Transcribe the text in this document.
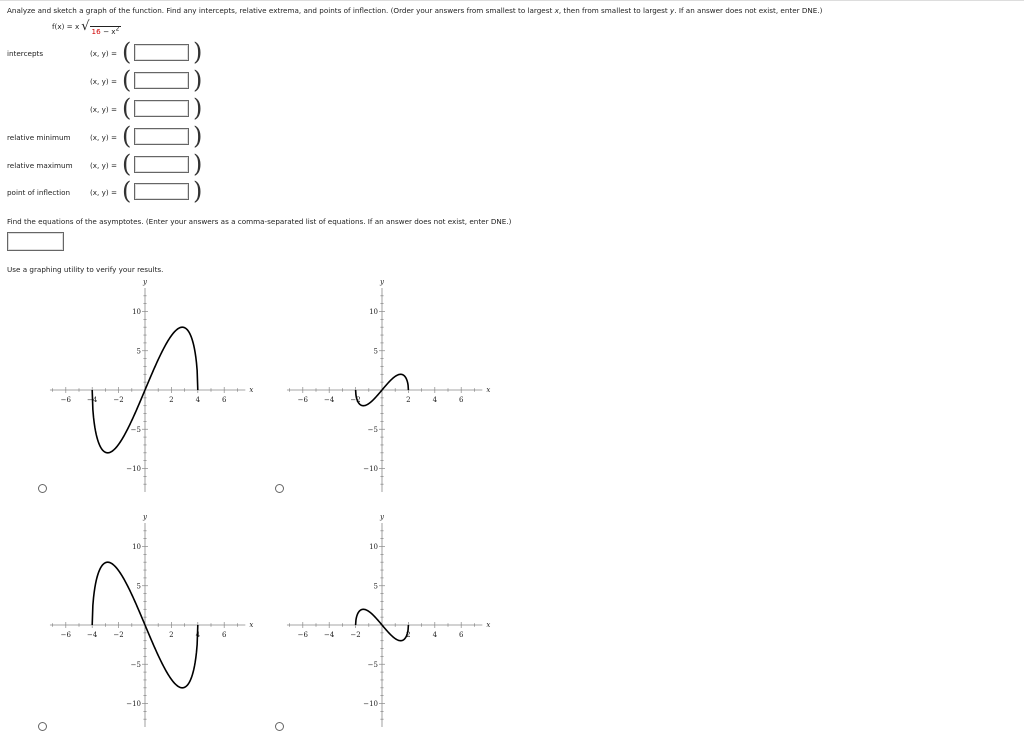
Analyze and sketch a graph of the function. Find any intercepts, relative extrema, and points of inflection. (Order your answers from smallest to largest x, then from smallest to largest y. If an answer does not exist, enter DNE.)
f(x) = x √ $16 - x^2$
intercepts	(x, y) = (	)
(x, y) = (	)
(x, y) = (	)
relative minimum	(x, y) = (	)
relative maximum (x, y) = (	)
point of inflection	(x, y) = (	)
Find the equations of the asymptotes. (Enter your answers as a comma-separated list of equations. If an answer does not exist, enter DNE.)
Use a graphing utility to verify your results.
−6 −4 −2	2	4	6
10
5
−5
−10
x
y
−6 −4 −2	2	4	6
10
5
−5
−10
x
y
−6 −4 −2	2	4	6
10
5
−5
−10
x
y
−6 −4 −2	2	4	6
10
5
−5
−10
x
y
